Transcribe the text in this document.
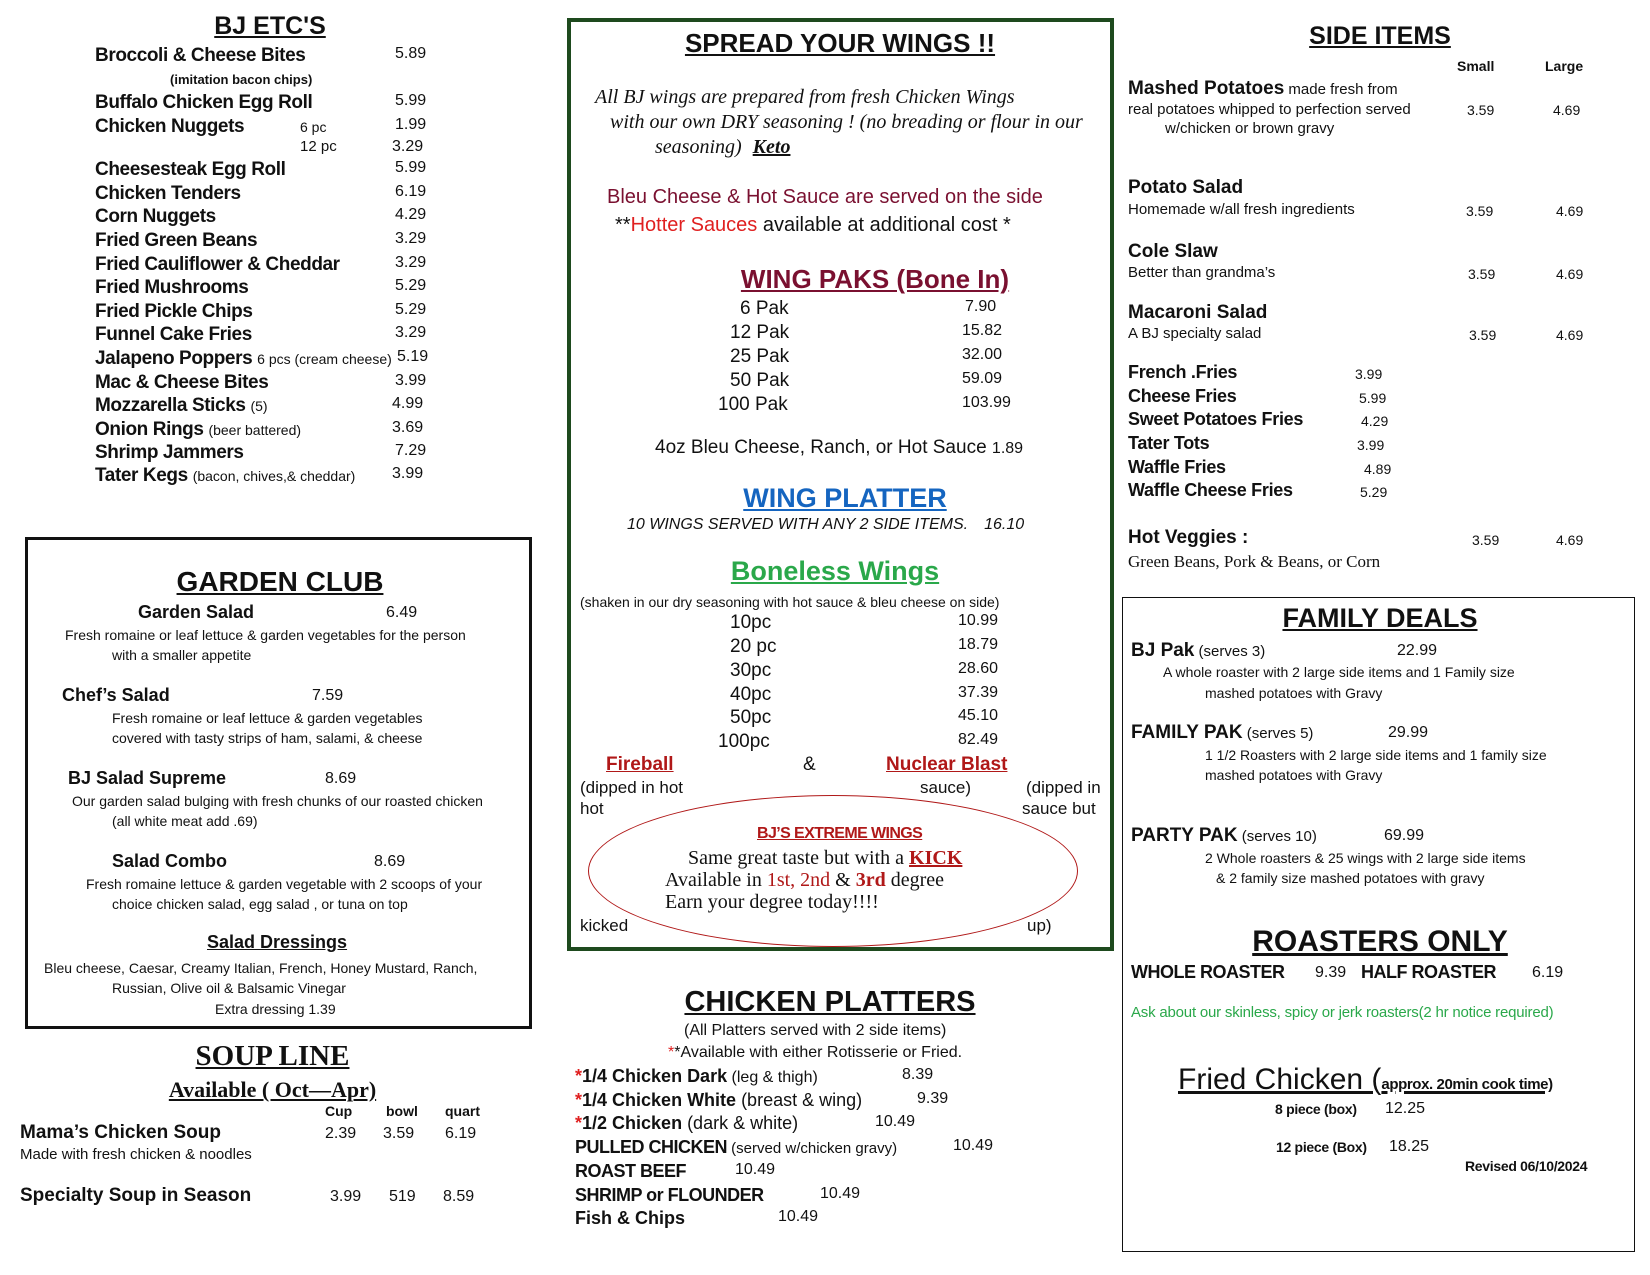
BJ ETC'S
Broccoli & Cheese Bites	5.89
(imitation bacon chips)
Buffalo Chicken Egg Roll	5.99
Chicken Nuggets	6 pc	1.99
12 pc	3.29
Cheesesteak Egg Roll	5.99
Chicken Tenders	6.19
Corn Nuggets	4.29
Fried Green Beans	3.29
Fried Cauliflower & Cheddar	3.29
Fried Mushrooms	5.29
Fried Pickle Chips	5.29
Funnel Cake Fries	3.29
Jalapeno Poppers 6 pcs (cream cheese) 5.19
Mac & Cheese Bites	3.99
Mozzarella Sticks (5)	4.99
Onion Rings (beer battered)	3.69
Shrimp Jammers	7.29
Tater Kegs (bacon, chives,& cheddar) 3.99
GARDEN CLUB
Garden Salad	6.49
Fresh romaine or leaf lettuce & garden vegetables for the person
with a smaller appetite
Chef’s Salad	7.59
Fresh romaine or leaf lettuce & garden vegetables
covered with tasty strips of ham, salami, & cheese
BJ Salad Supreme	8.69
Our garden salad bulging with fresh chunks of our roasted chicken
(all white meat add .69)
Salad Combo	8.69
Fresh romaine lettuce & garden vegetable with 2 scoops of your
choice chicken salad, egg salad , or tuna on top
Salad Dressings
Bleu cheese, Caesar, Creamy Italian, French, Honey Mustard, Ranch,
Russian, Olive oil & Balsamic Vinegar
Extra dressing 1.39
SOUP LINE
Available ( Oct—Apr)
Cup bowl quart
Mama’s Chicken Soup	2.39 3.59 6.19
Made with fresh chicken & noodles
Specialty Soup in Season	3.99 519 8.59
SPREAD YOUR WINGS !!
All BJ wings are prepared from fresh Chicken Wings
with our own DRY seasoning ! (no breading or flour in our
seasoning) Keto
Bleu Cheese & Hot Sauce are served on the side
**Hotter Sauces available at additional cost *
WING PAKS (Bone In)
6 Pak	7.90
12 Pak	15.82
25 Pak	32.00
50 Pak	59.09
100 Pak	103.99
4oz Bleu Cheese, Ranch, or Hot Sauce 1.89
WING PLATTER
10 WINGS SERVED WITH ANY 2 SIDE ITEMS. 16.10
Boneless Wings
(shaken in our dry seasoning with hot sauce & bleu cheese on side)
10pc	10.99
20 pc	18.79
30pc	28.60
40pc	37.39
50pc	45.10
100pc	82.49
Fireball	&	Nuclear Blast
(dipped in hot	sauce)	(dipped in
hot	sauce but
BJ’S EXTREME WINGS
Same great taste but with a KICK
Available in 1st, 2nd & 3rd degree
Earn your degree today!!!!
kicked	up)
CHICKEN PLATTERS
(All Platters served with 2 side items)
**Available with either Rotisserie or Fried.
*1/4 Chicken Dark (leg & thigh)	8.39
*1/4 Chicken White (breast & wing)	9.39
*1/2 Chicken (dark & white)	10.49
PULLED CHICKEN (served w/chicken gravy)	10.49
ROAST BEEF	10.49
SHRIMP or FLOUNDER	10.49
Fish & Chips	10.49
SIDE ITEMS
Small	Large
Mashed Potatoes made fresh from
real potatoes whipped to perfection served
w/chicken or brown gravy
3.59	4.69
Potato Salad
Homemade w/all fresh ingredients	3.59	4.69
Cole Slaw
Better than grandma’s	3.59	4.69
Macaroni Salad
A BJ specialty salad	3.59	4.69
French .Fries	3.99
Cheese Fries	5.99
Sweet Potatoes Fries	4.29
Tater Tots	3.99
Waffle Fries	4.89
Waffle Cheese Fries	5.29
Hot Veggies :
Green Beans, Pork & Beans, or Corn
3.59	4.69
FAMILY DEALS
BJ Pak (serves 3)	22.99
A whole roaster with 2 large side items and 1 Family size
mashed potatoes with Gravy
FAMILY PAK (serves 5)	29.99
1 1/2 Roasters with 2 large side items and 1 family size
mashed potatoes with Gravy
PARTY PAK (serves 10)	69.99
2 Whole roasters & 25 wings with 2 large side items
& 2 family size mashed potatoes with gravy
ROASTERS ONLY
WHOLE ROASTER 9.39 HALF ROASTER 6.19
Ask about our skinless, spicy or jerk roasters(2 hr notice required)
Fried Chicken (approx. 20min cook time)
8 piece (box) 12.25
12 piece (Box) 18.25
Revised 06/10/2024
